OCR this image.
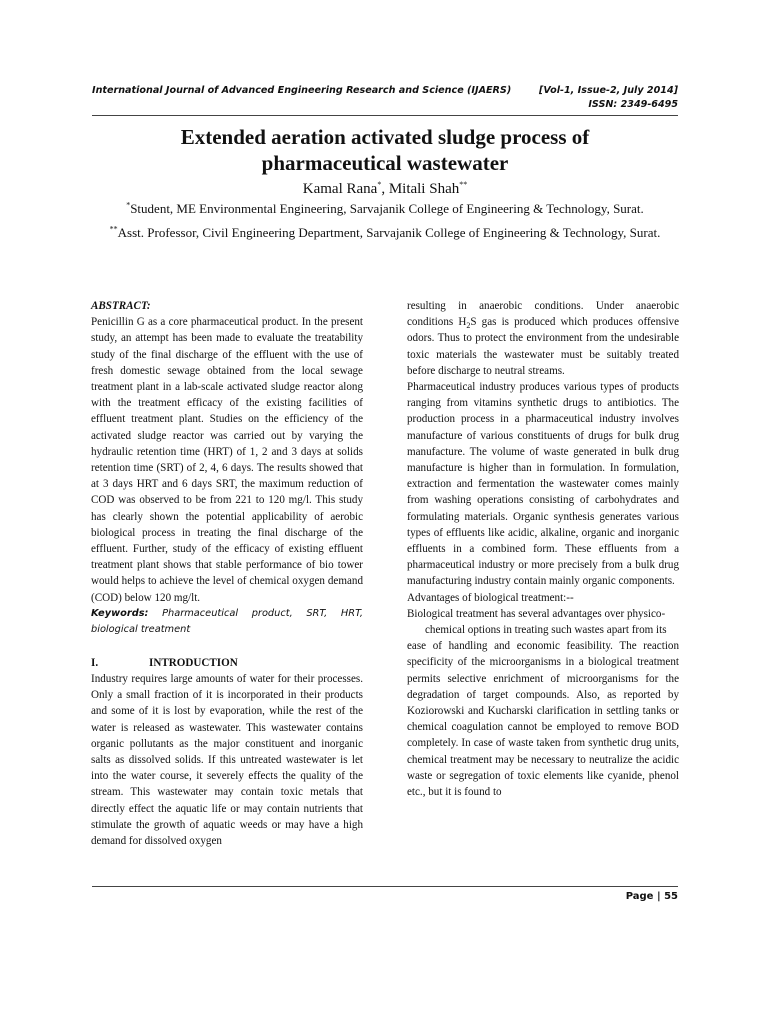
International Journal of Advanced Engineering Research and Science (IJAERS)	[Vol-1, Issue-2, July 2014]
ISSN: 2349-6495
Extended aeration activated sludge process of
pharmaceutical wastewater
Kamal Rana*, Mitali Shah**
*Student, ME Environmental Engineering, Sarvajanik College of Engineering & Technology, Surat.
**Asst. Professor, Civil Engineering Department, Sarvajanik College of Engineering & Technology, Surat.

ABSTRACT:

Penicillin G as a core pharmaceutical product. In the present study, an attempt has been made to evaluate the treatability study of the final discharge of the effluent with the use of fresh domestic sewage obtained from the local sewage treatment plant in a lab-scale activated sludge reactor along with the treatment efficacy of the existing facilities of effluent treatment plant. Studies on the efficiency of the activated sludge reactor was carried out by varying the hydraulic retention time (HRT) of 1, 2 and 3 days at solids retention time (SRT) of 2, 4, 6 days. The results showed that at 3 days HRT and 6 days SRT, the maximum reduction of COD was observed to be from 221 to 120 mg/l. This study has clearly shown the potential applicability of aerobic biological process in treating the final discharge of the effluent. Further, study of the efficacy of existing effluent treatment plant shows that stable performance of bio tower would helps to achieve the level of chemical oxygen demand (COD) below 120 mg/lt.

Keywords: Pharmaceutical product, SRT, HRT, biological treatment

I.	INTRODUCTION

Industry requires large amounts of water for their processes. Only a small fraction of it is incorporated in their products and some of it is lost by evaporation, while the rest of the water is released as wastewater. This wastewater contains organic pollutants as the major constituent and inorganic salts as dissolved solids. If this untreated wastewater is let into the water course, it severely effects the quality of the stream. This wastewater may contain toxic metals that directly effect the aquatic life or may contain nutrients that stimulate the growth of aquatic weeds or may have a high demand for dissolved oxygen

resulting in anaerobic conditions. Under anaerobic conditions $H_2S$ gas is produced which produces offensive odors. Thus to protect the environment from the undesirable toxic materials the wastewater must be suitably treated before discharge to neutral streams.

Pharmaceutical industry produces various types of products ranging from vitamins synthetic drugs to antibiotics. The production process in a pharmaceutical industry involves manufacture of various constituents of drugs for bulk drug manufacture. The volume of waste generated in bulk drug manufacture is higher than in formulation. In formulation, extraction and fermentation the wastewater comes mainly from washing operations consisting of carbohydrates and formulating materials. Organic synthesis generates various types of effluents like acidic, alkaline, organic and inorganic effluents in a combined form. These effluents from a pharmaceutical industry or more precisely from a bulk drug manufacturing industry contain mainly organic components.

Advantages of biological treatment:--

Biological treatment has several advantages over physico-chemical options in treating such wastes apart from its

ease of handling and economic feasibility. The reaction specificity of the microorganisms in a biological treatment permits selective enrichment of microorganisms for the degradation of target compounds. Also, as reported by Koziorowski and Kucharski clarification in settling tanks or chemical coagulation cannot be employed to remove BOD completely. In case of waste taken from synthetic drug units, chemical treatment may be necessary to neutralize the acidic waste or segregation of toxic elements like cyanide, phenol etc., but it is found to

Page | 55
